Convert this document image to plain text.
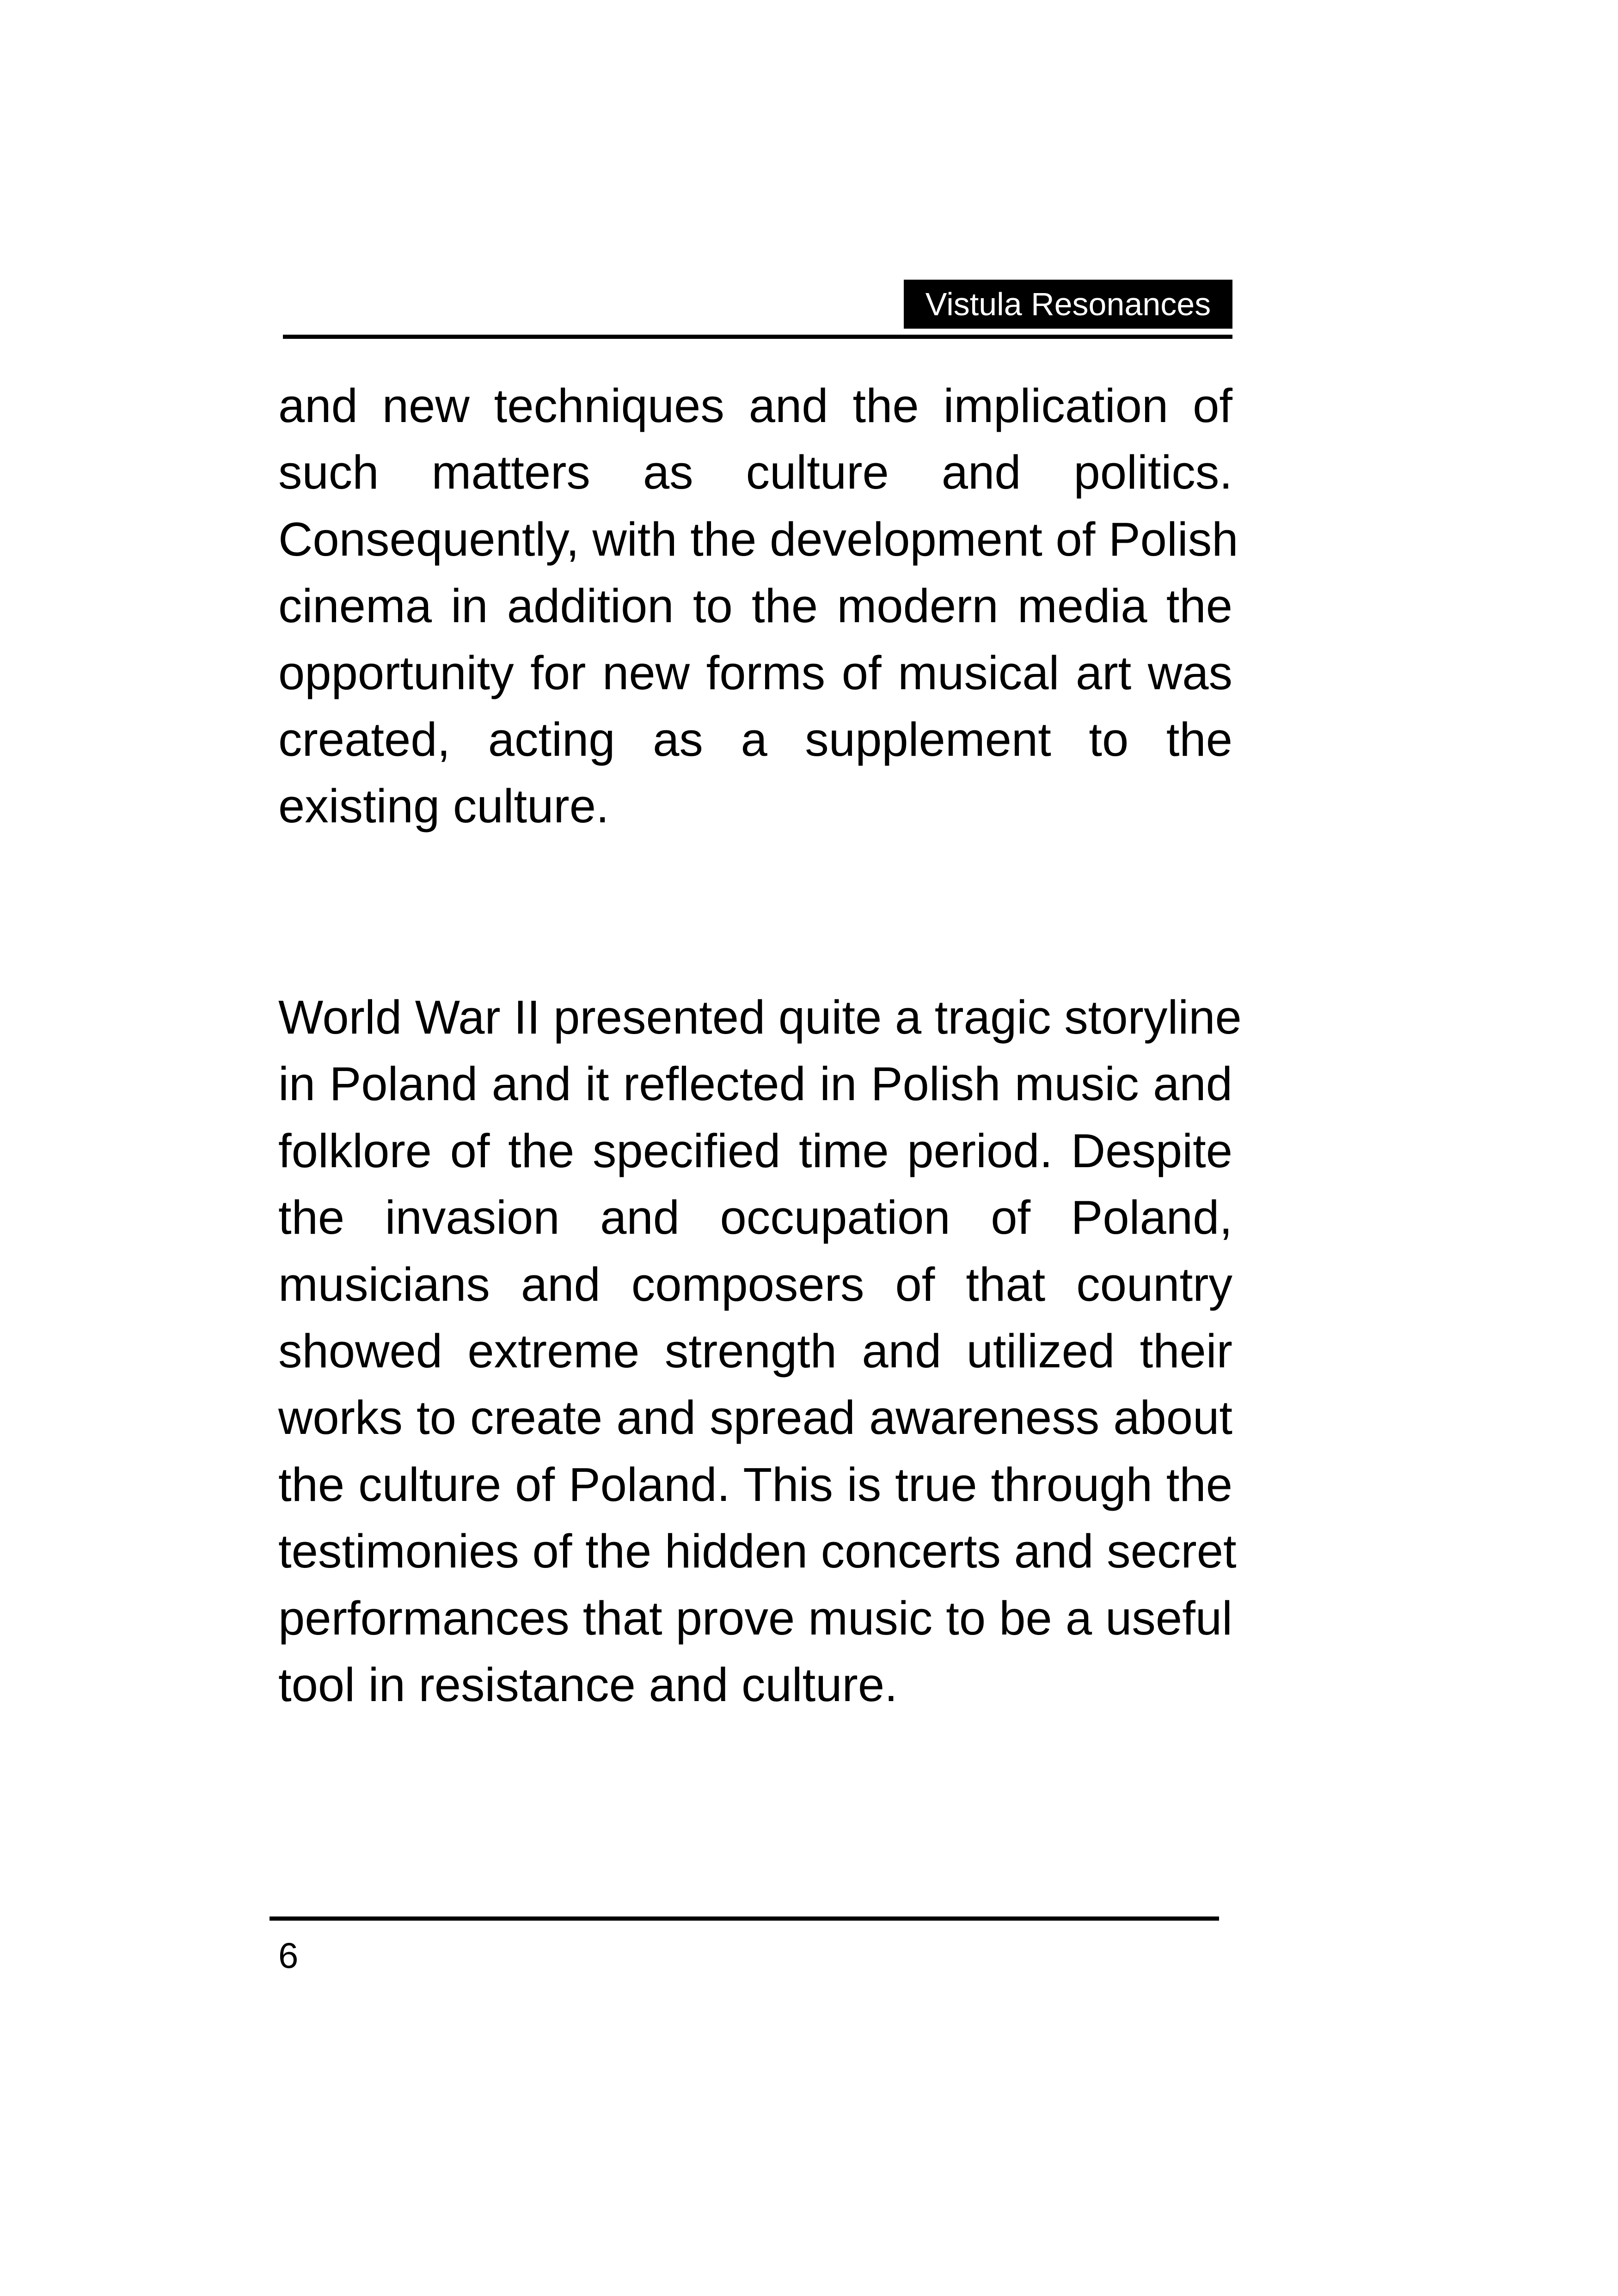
Vistula Resonances

and new techniques and the implication of
such matters as culture and politics.
Consequently, with the development of Polish
cinema in addition to the modern media the
opportunity for new forms of musical art was
created, acting as a supplement to the
existing culture.

World War II presented quite a tragic storyline
in Poland and it reflected in Polish music and
folklore of the specified time period. Despite
the invasion and occupation of Poland,
musicians and composers of that country
showed extreme strength and utilized their
works to create and spread awareness about
the culture of Poland. This is true through the
testimonies of the hidden concerts and secret
performances that prove music to be a useful
tool in resistance and culture.

6
